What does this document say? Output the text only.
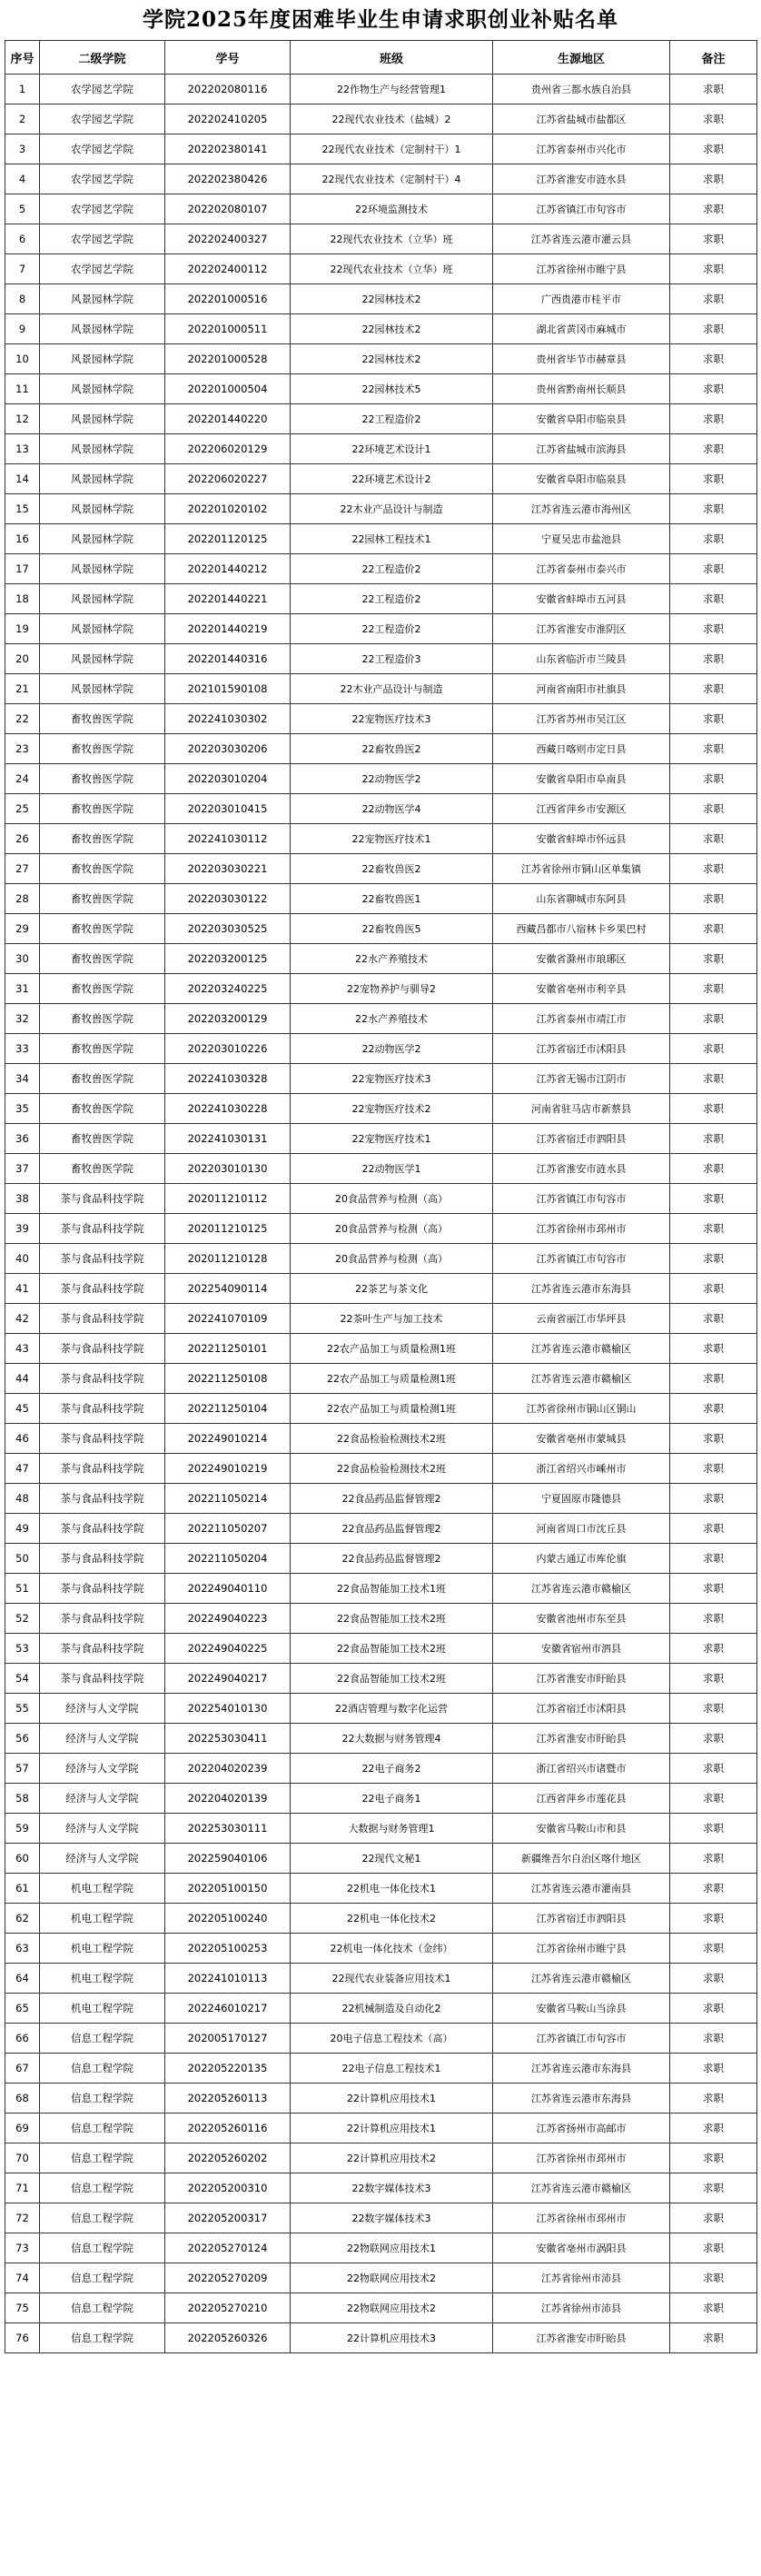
学院2025年度困难毕业生申请求职创业补贴名单
序号	二级学院	学号	班级	生源地区	备注
1	农学园艺学院	202202080116	22作物生产与经营管理1	贵州省三都水族自治县	求职
2	农学园艺学院	202202410205	22现代农业技术（盐城）2	江苏省盐城市盐都区	求职
3	农学园艺学院	202202380141	22现代农业技术（定制村干）1	江苏省泰州市兴化市	求职
4	农学园艺学院	202202380426	22现代农业技术（定制村干）4	江苏省淮安市涟水县	求职
5	农学园艺学院	202202080107	22环境监测技术	江苏省镇江市句容市	求职
6	农学园艺学院	202202400327	22现代农业技术（立华）班	江苏省连云港市灌云县	求职
7	农学园艺学院	202202400112	22现代农业技术（立华）班	江苏省徐州市睢宁县	求职
8	风景园林学院	202201000516	22园林技术2	广西贵港市桂平市	求职
9	风景园林学院	202201000511	22园林技术2	湖北省黄冈市麻城市	求职
10	风景园林学院	202201000528	22园林技术2	贵州省毕节市赫章县	求职
11	风景园林学院	202201000504	22园林技术5	贵州省黔南州长顺县	求职
12	风景园林学院	202201440220	22工程造价2	安徽省阜阳市临泉县	求职
13	风景园林学院	202206020129	22环境艺术设计1	江苏省盐城市滨海县	求职
14	风景园林学院	202206020227	22环境艺术设计2	安徽省阜阳市临泉县	求职
15	风景园林学院	202201020102	22木业产品设计与制造	江苏省连云港市海州区	求职
16	风景园林学院	202201120125	22园林工程技术1	宁夏吴忠市盐池县	求职
17	风景园林学院	202201440212	22工程造价2	江苏省泰州市泰兴市	求职
18	风景园林学院	202201440221	22工程造价2	安徽省蚌埠市五河县	求职
19	风景园林学院	202201440219	22工程造价2	江苏省淮安市淮阴区	求职
20	风景园林学院	202201440316	22工程造价3	山东省临沂市兰陵县	求职
21	风景园林学院	202101590108	22木业产品设计与制造	河南省南阳市社旗县	求职
22	畜牧兽医学院	202241030302	22宠物医疗技术3	江苏省苏州市吴江区	求职
23	畜牧兽医学院	202203030206	22畜牧兽医2	西藏日喀则市定日县	求职
24	畜牧兽医学院	202203010204	22动物医学2	安徽省阜阳市阜南县	求职
25	畜牧兽医学院	202203010415	22动物医学4	江西省萍乡市安源区	求职
26	畜牧兽医学院	202241030112	22宠物医疗技术1	安徽省蚌埠市怀远县	求职
27	畜牧兽医学院	202203030221	22畜牧兽医2	江苏省徐州市铜山区单集镇	求职
28	畜牧兽医学院	202203030122	22畜牧兽医1	山东省聊城市东阿县	求职
29	畜牧兽医学院	202203030525	22畜牧兽医5	西藏昌都市八宿林卡乡果巴村	求职
30	畜牧兽医学院	202203200125	22水产养殖技术	安徽省滁州市琅琊区	求职
31	畜牧兽医学院	202203240225	22宠物养护与驯导2	安徽省亳州市利辛县	求职
32	畜牧兽医学院	202203200129	22水产养殖技术	江苏省泰州市靖江市	求职
33	畜牧兽医学院	202203010226	22动物医学2	江苏省宿迁市沭阳县	求职
34	畜牧兽医学院	202241030328	22宠物医疗技术3	江苏省无锡市江阴市	求职
35	畜牧兽医学院	202241030228	22宠物医疗技术2	河南省驻马店市新蔡县	求职
36	畜牧兽医学院	202241030131	22宠物医疗技术1	江苏省宿迁市泗阳县	求职
37	畜牧兽医学院	202203010130	22动物医学1	江苏省淮安市涟水县	求职
38	茶与食品科技学院	202011210112	20食品营养与检测（高）	江苏省镇江市句容市	求职
39	茶与食品科技学院	202011210125	20食品营养与检测（高）	江苏省徐州市邳州市	求职
40	茶与食品科技学院	202011210128	20食品营养与检测（高）	江苏省镇江市句容市	求职
41	茶与食品科技学院	202254090114	22茶艺与茶文化	江苏省连云港市东海县	求职
42	茶与食品科技学院	202241070109	22茶叶生产与加工技术	云南省丽江市华坪县	求职
43	茶与食品科技学院	202211250101	22农产品加工与质量检测1班	江苏省连云港市赣榆区	求职
44	茶与食品科技学院	202211250108	22农产品加工与质量检测1班	江苏省连云港市赣榆区	求职
45	茶与食品科技学院	202211250104	22农产品加工与质量检测1班	江苏省徐州市铜山区铜山	求职
46	茶与食品科技学院	202249010214	22食品检验检测技术2班	安徽省亳州市蒙城县	求职
47	茶与食品科技学院	202249010219	22食品检验检测技术2班	浙江省绍兴市嵊州市	求职
48	茶与食品科技学院	202211050214	22食品药品监督管理2	宁夏固原市隆德县	求职
49	茶与食品科技学院	202211050207	22食品药品监督管理2	河南省周口市沈丘县	求职
50	茶与食品科技学院	202211050204	22食品药品监督管理2	内蒙古通辽市库伦旗	求职
51	茶与食品科技学院	202249040110	22食品智能加工技术1班	江苏省连云港市赣榆区	求职
52	茶与食品科技学院	202249040223	22食品智能加工技术2班	安徽省池州市东至县	求职
53	茶与食品科技学院	202249040225	22食品智能加工技术2班	安徽省宿州市泗县	求职
54	茶与食品科技学院	202249040217	22食品智能加工技术2班	江苏省淮安市盱眙县	求职
55	经济与人文学院	202254010130	22酒店管理与数字化运营	江苏省宿迁市沭阳县	求职
56	经济与人文学院	202253030411	22大数据与财务管理4	江苏省淮安市盱眙县	求职
57	经济与人文学院	202204020239	22电子商务2	浙江省绍兴市诸暨市	求职
58	经济与人文学院	202204020139	22电子商务1	江西省萍乡市莲花县	求职
59	经济与人文学院	202253030111	大数据与财务管理1	安徽省马鞍山市和县	求职
60	经济与人文学院	202259040106	22现代文秘1	新疆维吾尔自治区喀什地区	求职
61	机电工程学院	202205100150	22机电一体化技术1	江苏省连云港市灌南县	求职
62	机电工程学院	202205100240	22机电一体化技术2	江苏省宿迁市泗阳县	求职
63	机电工程学院	202205100253	22机电一体化技术（金纬）	江苏省徐州市睢宁县	求职
64	机电工程学院	202241010113	22现代农业装备应用技术1	江苏省连云港市赣榆区	求职
65	机电工程学院	202246010217	22机械制造及自动化2	安徽省马鞍山当涂县	求职
66	信息工程学院	202005170127	20电子信息工程技术（高）	江苏省镇江市句容市	求职
67	信息工程学院	202205220135	22电子信息工程技术1	江苏省连云港市东海县	求职
68	信息工程学院	202205260113	22计算机应用技术1	江苏省连云港市东海县	求职
69	信息工程学院	202205260116	22计算机应用技术1	江苏省扬州市高邮市	求职
70	信息工程学院	202205260202	22计算机应用技术2	江苏省徐州市邳州市	求职
71	信息工程学院	202205200310	22数字媒体技术3	江苏省连云港市赣榆区	求职
72	信息工程学院	202205200317	22数字媒体技术3	江苏省徐州市邳州市	求职
73	信息工程学院	202205270124	22物联网应用技术1	安徽省亳州市涡阳县	求职
74	信息工程学院	202205270209	22物联网应用技术2	江苏省徐州市沛县	求职
75	信息工程学院	202205270210	22物联网应用技术2	江苏省徐州市沛县	求职
76	信息工程学院	202205260326	22计算机应用技术3	江苏省淮安市盱眙县	求职
